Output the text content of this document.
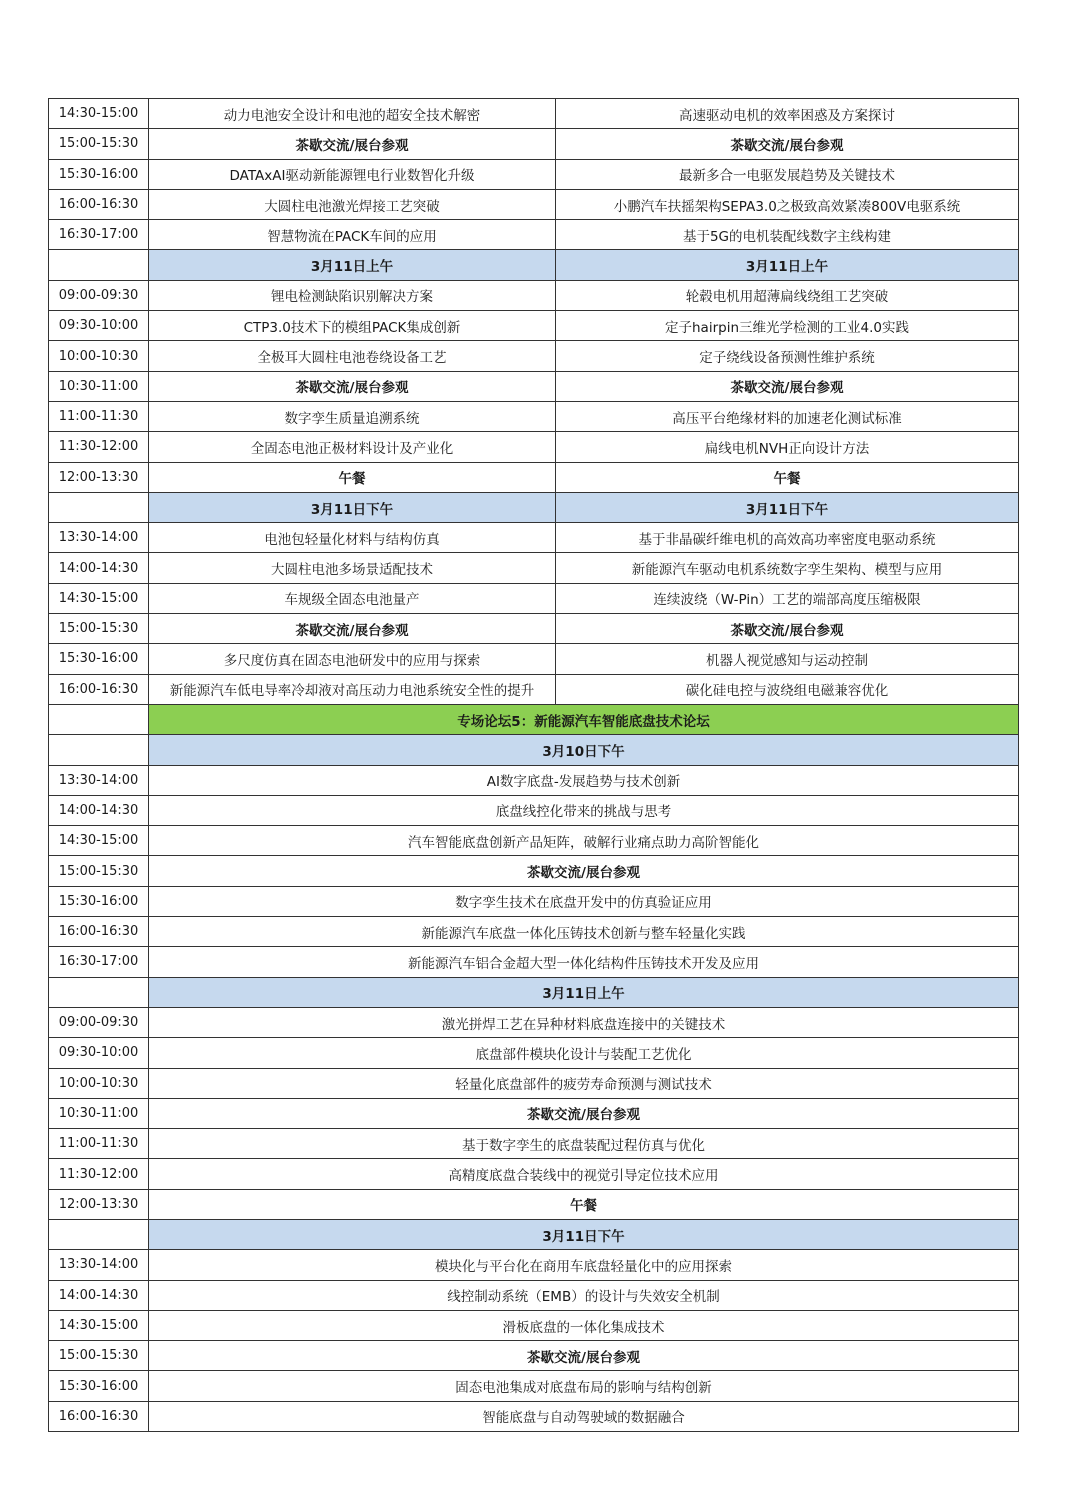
14:30-15:00	动力电池安全设计和电池的超安全技术解密	高速驱动电机的效率困惑及方案探讨
15:00-15:30	茶歇交流/展台参观	茶歇交流/展台参观
15:30-16:00	DATAxAI驱动新能源锂电行业数智化升级	最新多合一电驱发展趋势及关键技术
16:00-16:30	大圆柱电池激光焊接工艺突破	小鹏汽车扶摇架构SEPA3.0之极致高效紧凑800V电驱系统
16:30-17:00	智慧物流在PACK车间的应用	基于5G的电机装配线数字主线构建
	3月11日上午	3月11日上午
09:00-09:30	锂电检测缺陷识别解决方案	轮毂电机用超薄扁线绕组工艺突破
09:30-10:00	CTP3.0技术下的模组PACK集成创新	定子hairpin三维光学检测的工业4.0实践
10:00-10:30	全极耳大圆柱电池卷绕设备工艺	定子绕线设备预测性维护系统
10:30-11:00	茶歇交流/展台参观	茶歇交流/展台参观
11:00-11:30	数字孪生质量追溯系统	高压平台绝缘材料的加速老化测试标准
11:30-12:00	全固态电池正极材料设计及产业化	扁线电机NVH正向设计方法
12:00-13:30	午餐	午餐
	3月11日下午	3月11日下午
13:30-14:00	电池包轻量化材料与结构仿真	基于非晶碳纤维电机的高效高功率密度电驱动系统
14:00-14:30	大圆柱电池多场景适配技术	新能源汽车驱动电机系统数字孪生架构、模型与应用
14:30-15:00	车规级全固态电池量产	连续波绕（W-Pin）工艺的端部高度压缩极限
15:00-15:30	茶歇交流/展台参观	茶歇交流/展台参观
15:30-16:00	多尺度仿真在固态电池研发中的应用与探索	机器人视觉感知与运动控制
16:00-16:30	新能源汽车低电导率冷却液对高压动力电池系统安全性的提升	碳化硅电控与波绕组电磁兼容优化
	专场论坛5：新能源汽车智能底盘技术论坛	
	3月10日下午	
13:30-14:00	AI数字底盘-发展趋势与技术创新	
14:00-14:30	底盘线控化带来的挑战与思考	
14:30-15:00	汽车智能底盘创新产品矩阵，破解行业痛点助力高阶智能化	
15:00-15:30	茶歇交流/展台参观	
15:30-16:00	数字孪生技术在底盘开发中的仿真验证应用	
16:00-16:30	新能源汽车底盘一体化压铸技术创新与整车轻量化实践	
16:30-17:00	新能源汽车铝合金超大型一体化结构件压铸技术开发及应用	
	3月11日上午	
09:00-09:30	激光拼焊工艺在异种材料底盘连接中的关键技术	
09:30-10:00	底盘部件模块化设计与装配工艺优化	
10:00-10:30	轻量化底盘部件的疲劳寿命预测与测试技术	
10:30-11:00	茶歇交流/展台参观	
11:00-11:30	基于数字孪生的底盘装配过程仿真与优化	
11:30-12:00	高精度底盘合装线中的视觉引导定位技术应用	
12:00-13:30	午餐	
	3月11日下午	
13:30-14:00	模块化与平台化在商用车底盘轻量化中的应用探索	
14:00-14:30	线控制动系统（EMB）的设计与失效安全机制	
14:30-15:00	滑板底盘的一体化集成技术	
15:00-15:30	茶歇交流/展台参观	
15:30-16:00	固态电池集成对底盘布局的影响与结构创新	
16:00-16:30	智能底盘与自动驾驶域的数据融合	
